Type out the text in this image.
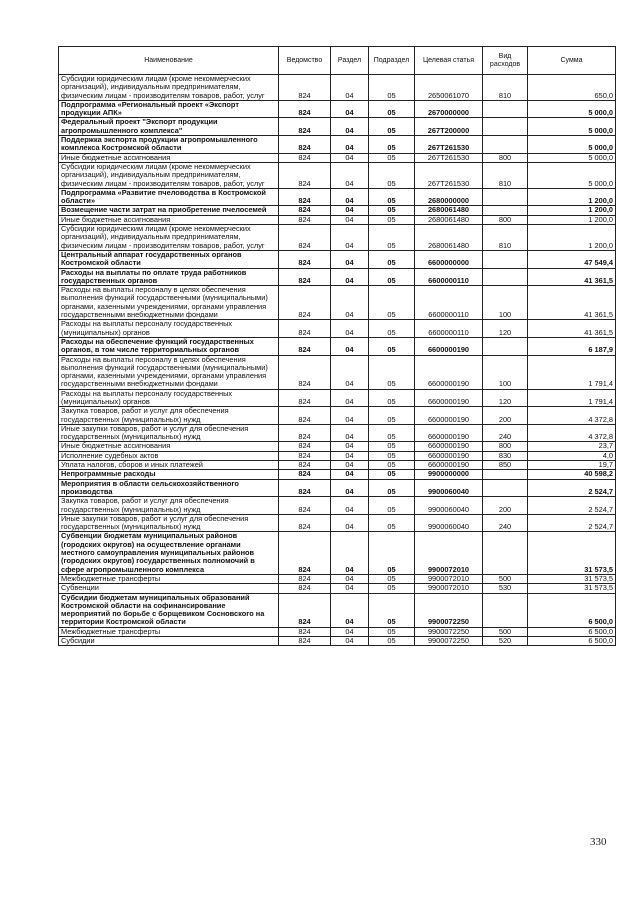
Наименование	Ведомство	Раздел	Подраздел	Целевая статья	Вид расходов	Сумма
Субсидии юридическим лицам (кроме некоммерческих организаций), индивидуальным предпринимателям, физическим лицам - производителям товаров, работ, услуг	824	04	05	2650061070	810	650,0
Подпрограмма «Региональный проект «Экспорт продукции АПК»	824	04	05	2670000000		5 000,0
Федеральный проект "Экспорт продукции агропромышленного комплекса"	824	04	05	267T200000		5 000,0
Поддержка экспорта продукции агропромышленного комплекса Костромской области	824	04	05	267T261530		5 000,0
Иные бюджетные ассигнования	824	04	05	267T261530	800	5 000,0
Субсидии юридическим лицам (кроме некоммерческих организаций), индивидуальным предпринимателям, физическим лицам - производителям товаров, работ, услуг	824	04	05	267T261530	810	5 000,0
Подпрограмма «Развитие пчеловодства в Костромской области»	824	04	05	2680000000		1 200,0
Возмещение части затрат на приобретение пчелосемей	824	04	05	2680061480		1 200,0
Иные бюджетные ассигнования	824	04	05	2680061480	800	1 200,0
Субсидии юридическим лицам (кроме некоммерческих организаций), индивидуальным предпринимателям, физическим лицам - производителям товаров, работ, услуг	824	04	05	2680061480	810	1 200,0
Центральный аппарат государственных органов Костромской области	824	04	05	6600000000		47 549,4
Расходы на выплаты по оплате труда работников государственных органов	824	04	05	6600000110		41 361,5
Расходы на выплаты персоналу в целях обеспечения выполнения функций государственными (муниципальными) органами, казенными учреждениями, органами управления государственными внебюджетными фондами	824	04	05	6600000110	100	41 361,5
Расходы на выплаты персоналу государственных (муниципальных) органов	824	04	05	6600000110	120	41 361,5
Расходы на обеспечение функций государственных органов, в том числе территориальных органов	824	04	05	6600000190		6 187,9
Расходы на выплаты персоналу в целях обеспечения выполнения функций государственными (муниципальными) органами, казенными учреждениями, органами управления государственными внебюджетными фондами	824	04	05	6600000190	100	1 791,4
Расходы на выплаты персоналу государственных (муниципальных) органов	824	04	05	6600000190	120	1 791,4
Закупка товаров, работ и услуг для обеспечения государственных (муниципальных) нужд	824	04	05	6600000190	200	4 372,8
Иные закупки товаров, работ и услуг для обеспечения государственных (муниципальных) нужд	824	04	05	6600000190	240	4 372,8
Иные бюджетные ассигнования	824	04	05	6600000190	800	23,7
Исполнение судебных актов	824	04	05	6600000190	830	4,0
Уплата налогов, сборов и иных платежей	824	04	05	6600000190	850	19,7
Непрограммные расходы	824	04	05	9900000000		40 598,2
Мероприятия в области сельскохозяйственного производства	824	04	05	9900060040		2 524,7
Закупка товаров, работ и услуг для обеспечения государственных (муниципальных) нужд	824	04	05	9900060040	200	2 524,7
Иные закупки товаров, работ и услуг для обеспечения государственных (муниципальных) нужд	824	04	05	9900060040	240	2 524,7
Субвенции бюджетам муниципальных районов (городских округов) на осуществление органами местного самоуправления муниципальных районов (городских округов) государственных полномочий в сфере агропромышленного комплекса	824	04	05	9900072010		31 573,5
Межбюджетные трансферты	824	04	05	9900072010	500	31 573,5
Субвенции	824	04	05	9900072010	530	31 573,5
Субсидии бюджетам муниципальных образований Костромской области на софинансирование мероприятий по борьбе с борщевиком Сосновского на территории Костромской области	824	04	05	9900072250		6 500,0
Межбюджетные трансферты	824	04	05	9900072250	500	6 500,0
Субсидии	824	04	05	9900072250	520	6 500,0
330
